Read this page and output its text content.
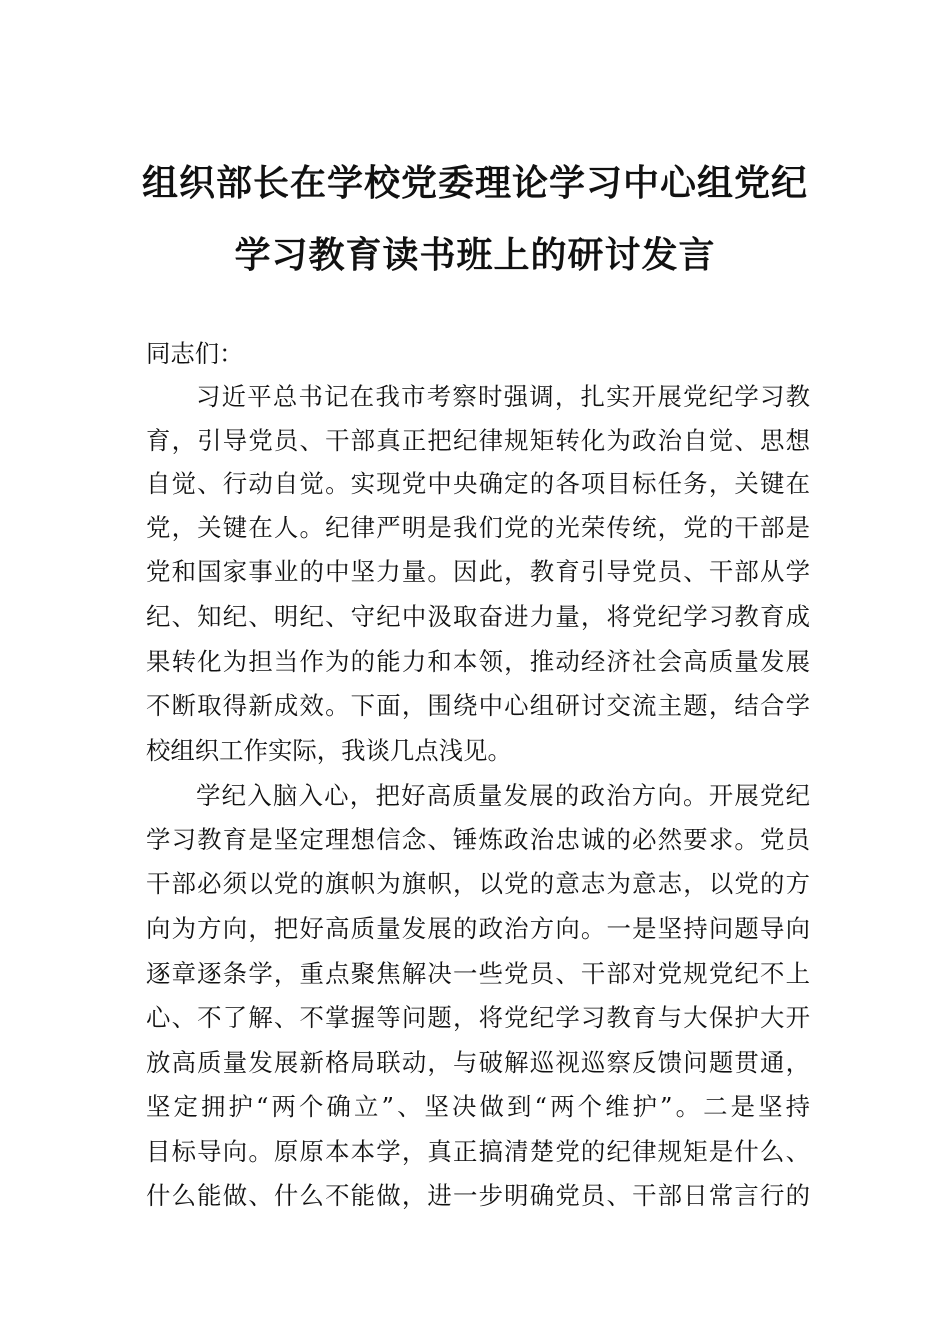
组织部长在学校党委理论学习中心组党纪
学习教育读书班上的研讨发言
同志们：
习近平总书记在我市考察时强调，扎实开展党纪学习教
育，引导党员、干部真正把纪律规矩转化为政治自觉、思想
自觉、行动自觉。实现党中央确定的各项目标任务，关键在
党，关键在人。纪律严明是我们党的光荣传统，党的干部是
党和国家事业的中坚力量。因此，教育引导党员、干部从学
纪、知纪、明纪、守纪中汲取奋进力量，将党纪学习教育成
果转化为担当作为的能力和本领，推动经济社会高质量发展
不断取得新成效。下面，围绕中心组研讨交流主题，结合学
校组织工作实际，我谈几点浅见。
学纪入脑入心，把好高质量发展的政治方向。开展党纪
学习教育是坚定理想信念、锤炼政治忠诚的必然要求。党员
干部必须以党的旗帜为旗帜，以党的意志为意志，以党的方
向为方向，把好高质量发展的政治方向。一是坚持问题导向
逐章逐条学，重点聚焦解决一些党员、干部对党规党纪不上
心、不了解、不掌握等问题，将党纪学习教育与大保护大开
放高质量发展新格局联动，与破解巡视巡察反馈问题贯通，
坚定拥护“两个确立”、坚决做到“两个维护”。二是坚持
目标导向。原原本本学，真正搞清楚党的纪律规矩是什么、
什么能做、什么不能做，进一步明确党员、干部日常言行的
